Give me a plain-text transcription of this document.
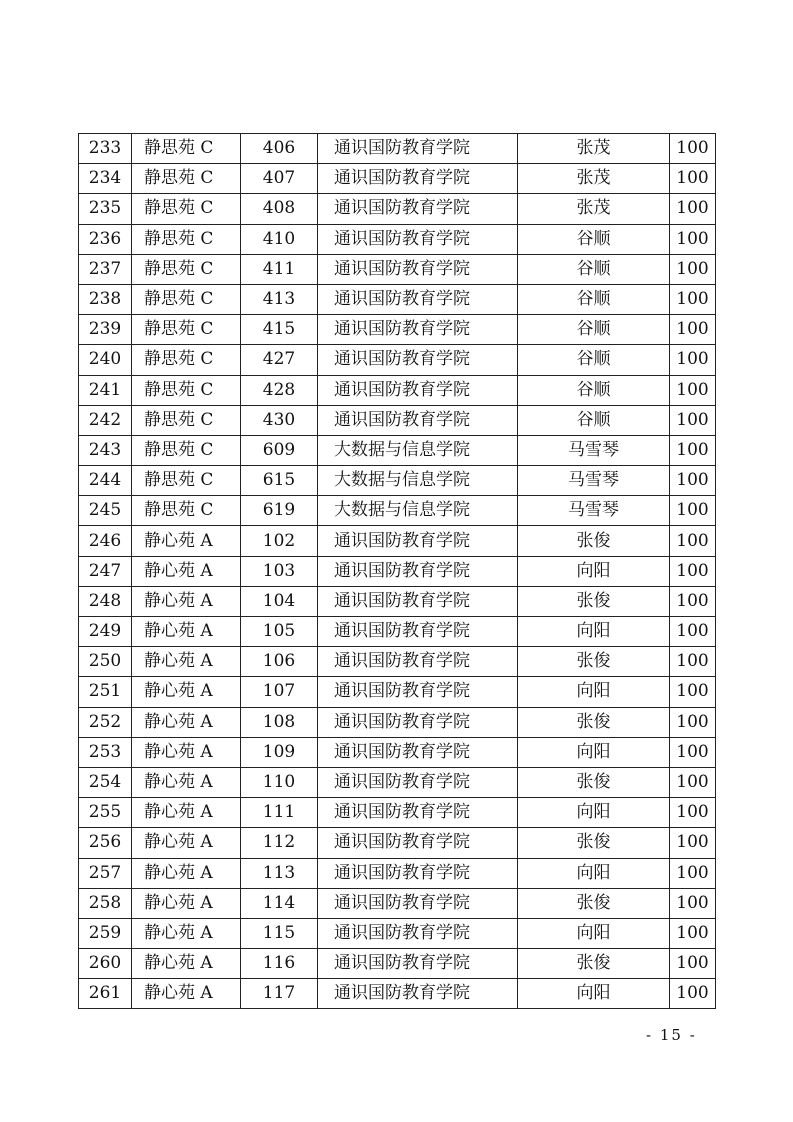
233	静思苑 C	406	通识国防教育学院	张茂	100
234	静思苑 C	407	通识国防教育学院	张茂	100
235	静思苑 C	408	通识国防教育学院	张茂	100
236	静思苑 C	410	通识国防教育学院	谷顺	100
237	静思苑 C	411	通识国防教育学院	谷顺	100
238	静思苑 C	413	通识国防教育学院	谷顺	100
239	静思苑 C	415	通识国防教育学院	谷顺	100
240	静思苑 C	427	通识国防教育学院	谷顺	100
241	静思苑 C	428	通识国防教育学院	谷顺	100
242	静思苑 C	430	通识国防教育学院	谷顺	100
243	静思苑 C	609	大数据与信息学院	马雪琴	100
244	静思苑 C	615	大数据与信息学院	马雪琴	100
245	静思苑 C	619	大数据与信息学院	马雪琴	100
246	静心苑 A	102	通识国防教育学院	张俊	100
247	静心苑 A	103	通识国防教育学院	向阳	100
248	静心苑 A	104	通识国防教育学院	张俊	100
249	静心苑 A	105	通识国防教育学院	向阳	100
250	静心苑 A	106	通识国防教育学院	张俊	100
251	静心苑 A	107	通识国防教育学院	向阳	100
252	静心苑 A	108	通识国防教育学院	张俊	100
253	静心苑 A	109	通识国防教育学院	向阳	100
254	静心苑 A	110	通识国防教育学院	张俊	100
255	静心苑 A	111	通识国防教育学院	向阳	100
256	静心苑 A	112	通识国防教育学院	张俊	100
257	静心苑 A	113	通识国防教育学院	向阳	100
258	静心苑 A	114	通识国防教育学院	张俊	100
259	静心苑 A	115	通识国防教育学院	向阳	100
260	静心苑 A	116	通识国防教育学院	张俊	100
261	静心苑 A	117	通识国防教育学院	向阳	100
- 15 -
